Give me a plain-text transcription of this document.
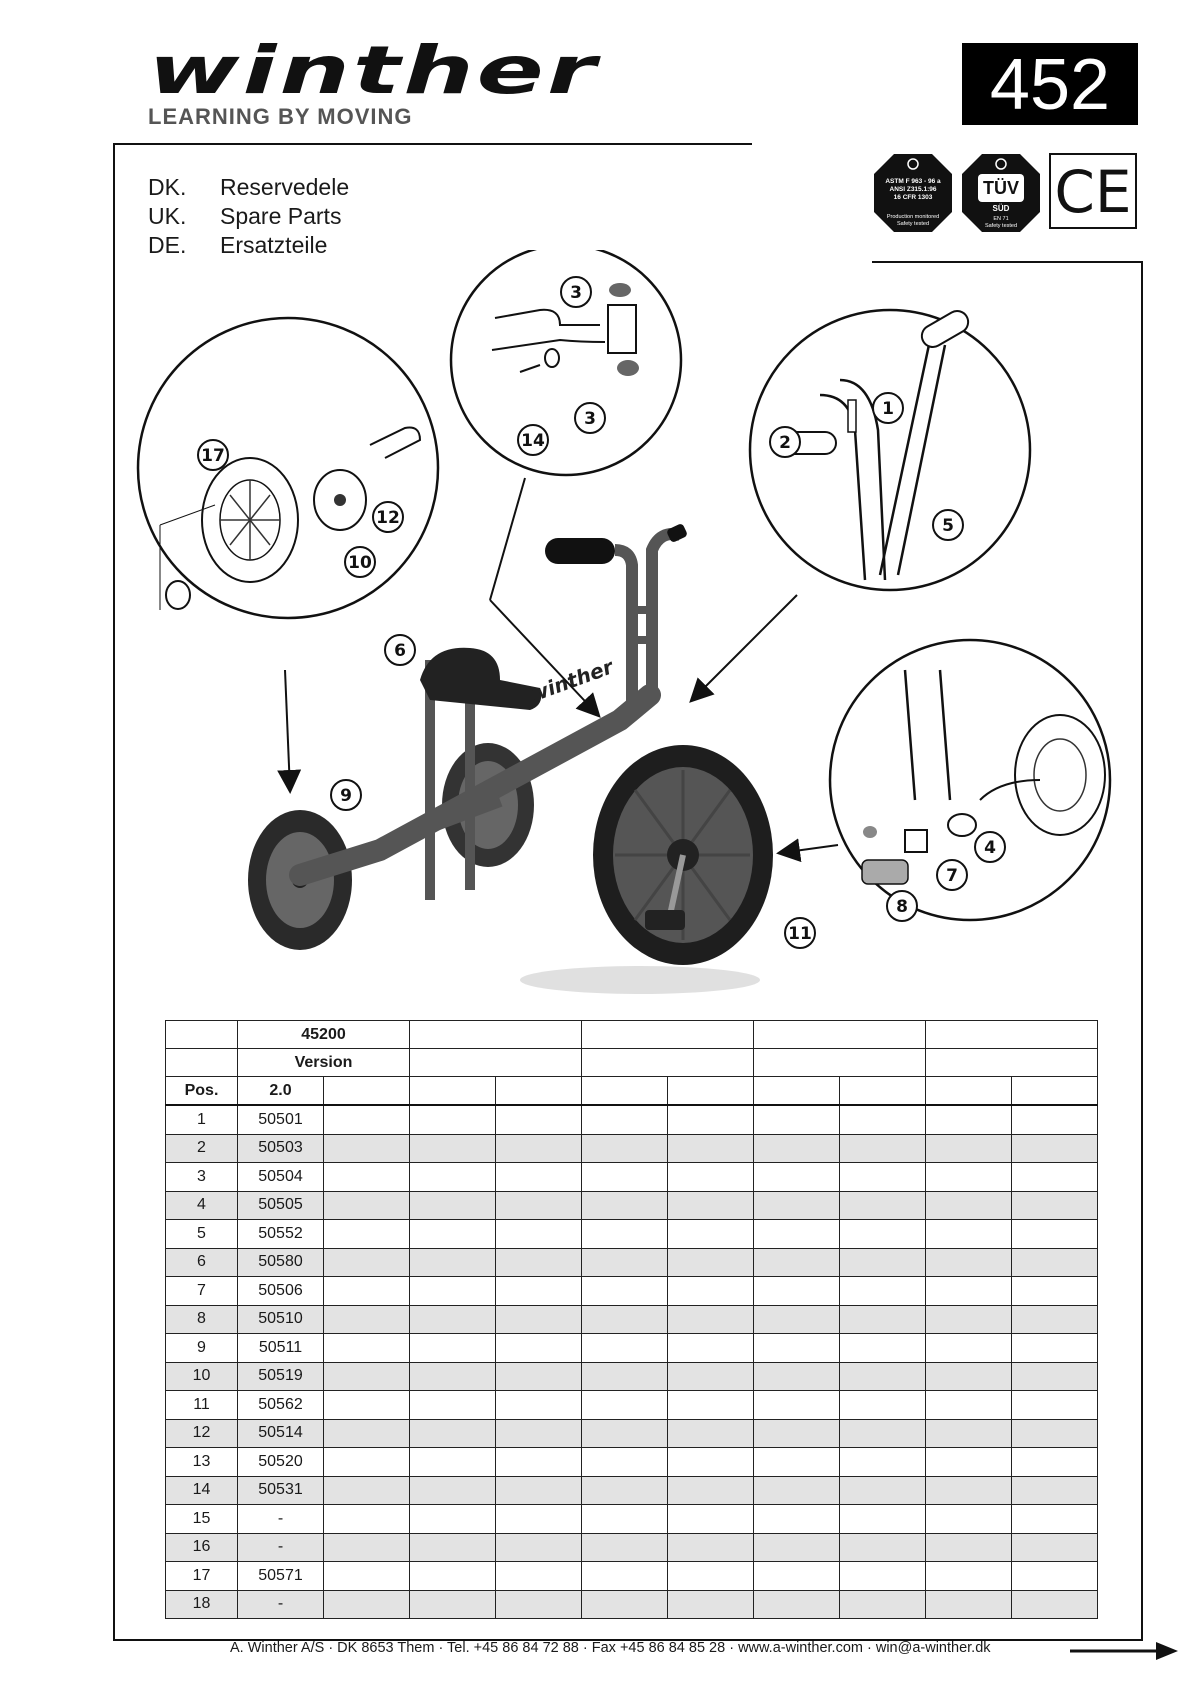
winther
LEARNING BY MOVING	452
DK. Reservedele
UK. Spare Parts
DE. Ersatzteile
ASTM F 963 - 96 a
ANSI Z315.1:96
16 CFR 1303
Production monitored
Safety tested
TÜV
SÜD
EN 71
Safety tested CE
winther
17
12
10
3
3
14
1
2
5
6
9
11
4
7
8
	45200									
	Version									
Pos.	2.0									
1	50501									
2	50503									
3	50504									
4	50505									
5	50552									
6	50580									
7	50506									
8	50510									
9	50511									
10	50519									
11	50562									
12	50514									
13	50520									
14	50531									
15	-									
16	-									
17	50571									
18	-									
A. Winther A/S · DK 8653 Them · Tel. +45 86 84 72 88 · Fax +45 86 84 85 28 · www.a-winther.com · win@a-winther.dk
